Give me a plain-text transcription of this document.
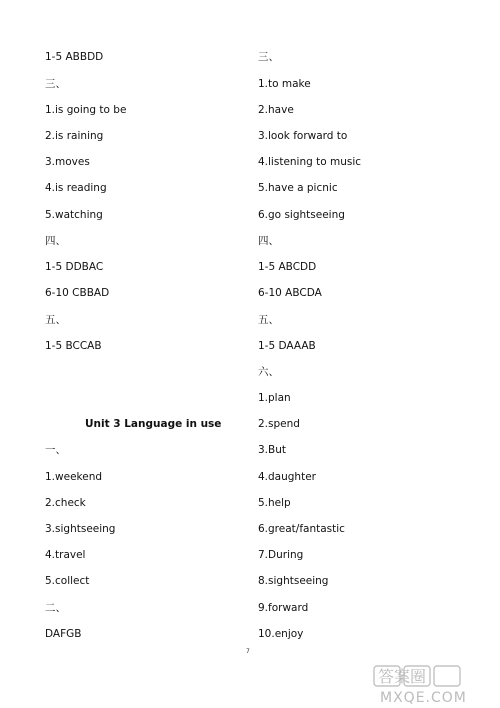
1-5 ABBDD
三、
1.is going to be
2.is raining
3.moves
4.is reading
5.watching
四、
1-5 DDBAC
6-10 CBBAD
五、
1-5 BCCAB
Unit 3 Language in use
一、
1.weekend
2.check
3.sightseeing
4.travel
5.collect
二、
DAFGB
三、
1.to make
2.have
3.look forward to
4.listening to music
5.have a picnic
6.go sightseeing
四、
1-5 ABCDD
6-10 ABCDA
五、
1-5 DAAAB
六、
1.plan
2.spend
3.But
4.daughter
5.help
6.great/fantastic
7.During
8.sightseeing
9.forward
10.enjoy
7
答案圈
MXQE.COM
